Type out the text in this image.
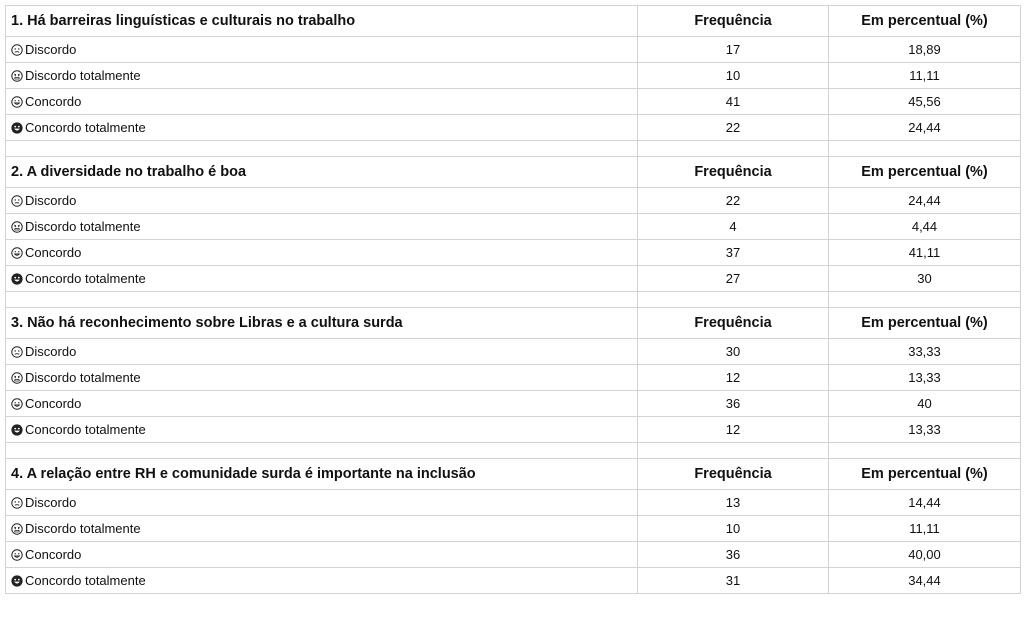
1. Há barreiras linguísticas e culturais no trabalho	Frequência	Em percentual (%)

Discordo	17	18,89

Discordo totalmente	10	11,11

Concordo	41	45,56

Concordo totalmente	22	24,44

2. A diversidade no trabalho é boa	Frequência	Em percentual (%)

Discordo	22	24,44

Discordo totalmente	4	4,44

Concordo	37	41,11

Concordo totalmente	27	30

3. Não há reconhecimento sobre Libras e a cultura surda	Frequência	Em percentual (%)

Discordo	30	33,33

Discordo totalmente	12	13,33

Concordo	36	40

Concordo totalmente	12	13,33

4. A relação entre RH e comunidade surda é importante na inclusão	Frequência	Em percentual (%)

Discordo	13	14,44

Discordo totalmente	10	11,11

Concordo	36	40,00

Concordo totalmente	31	34,44
